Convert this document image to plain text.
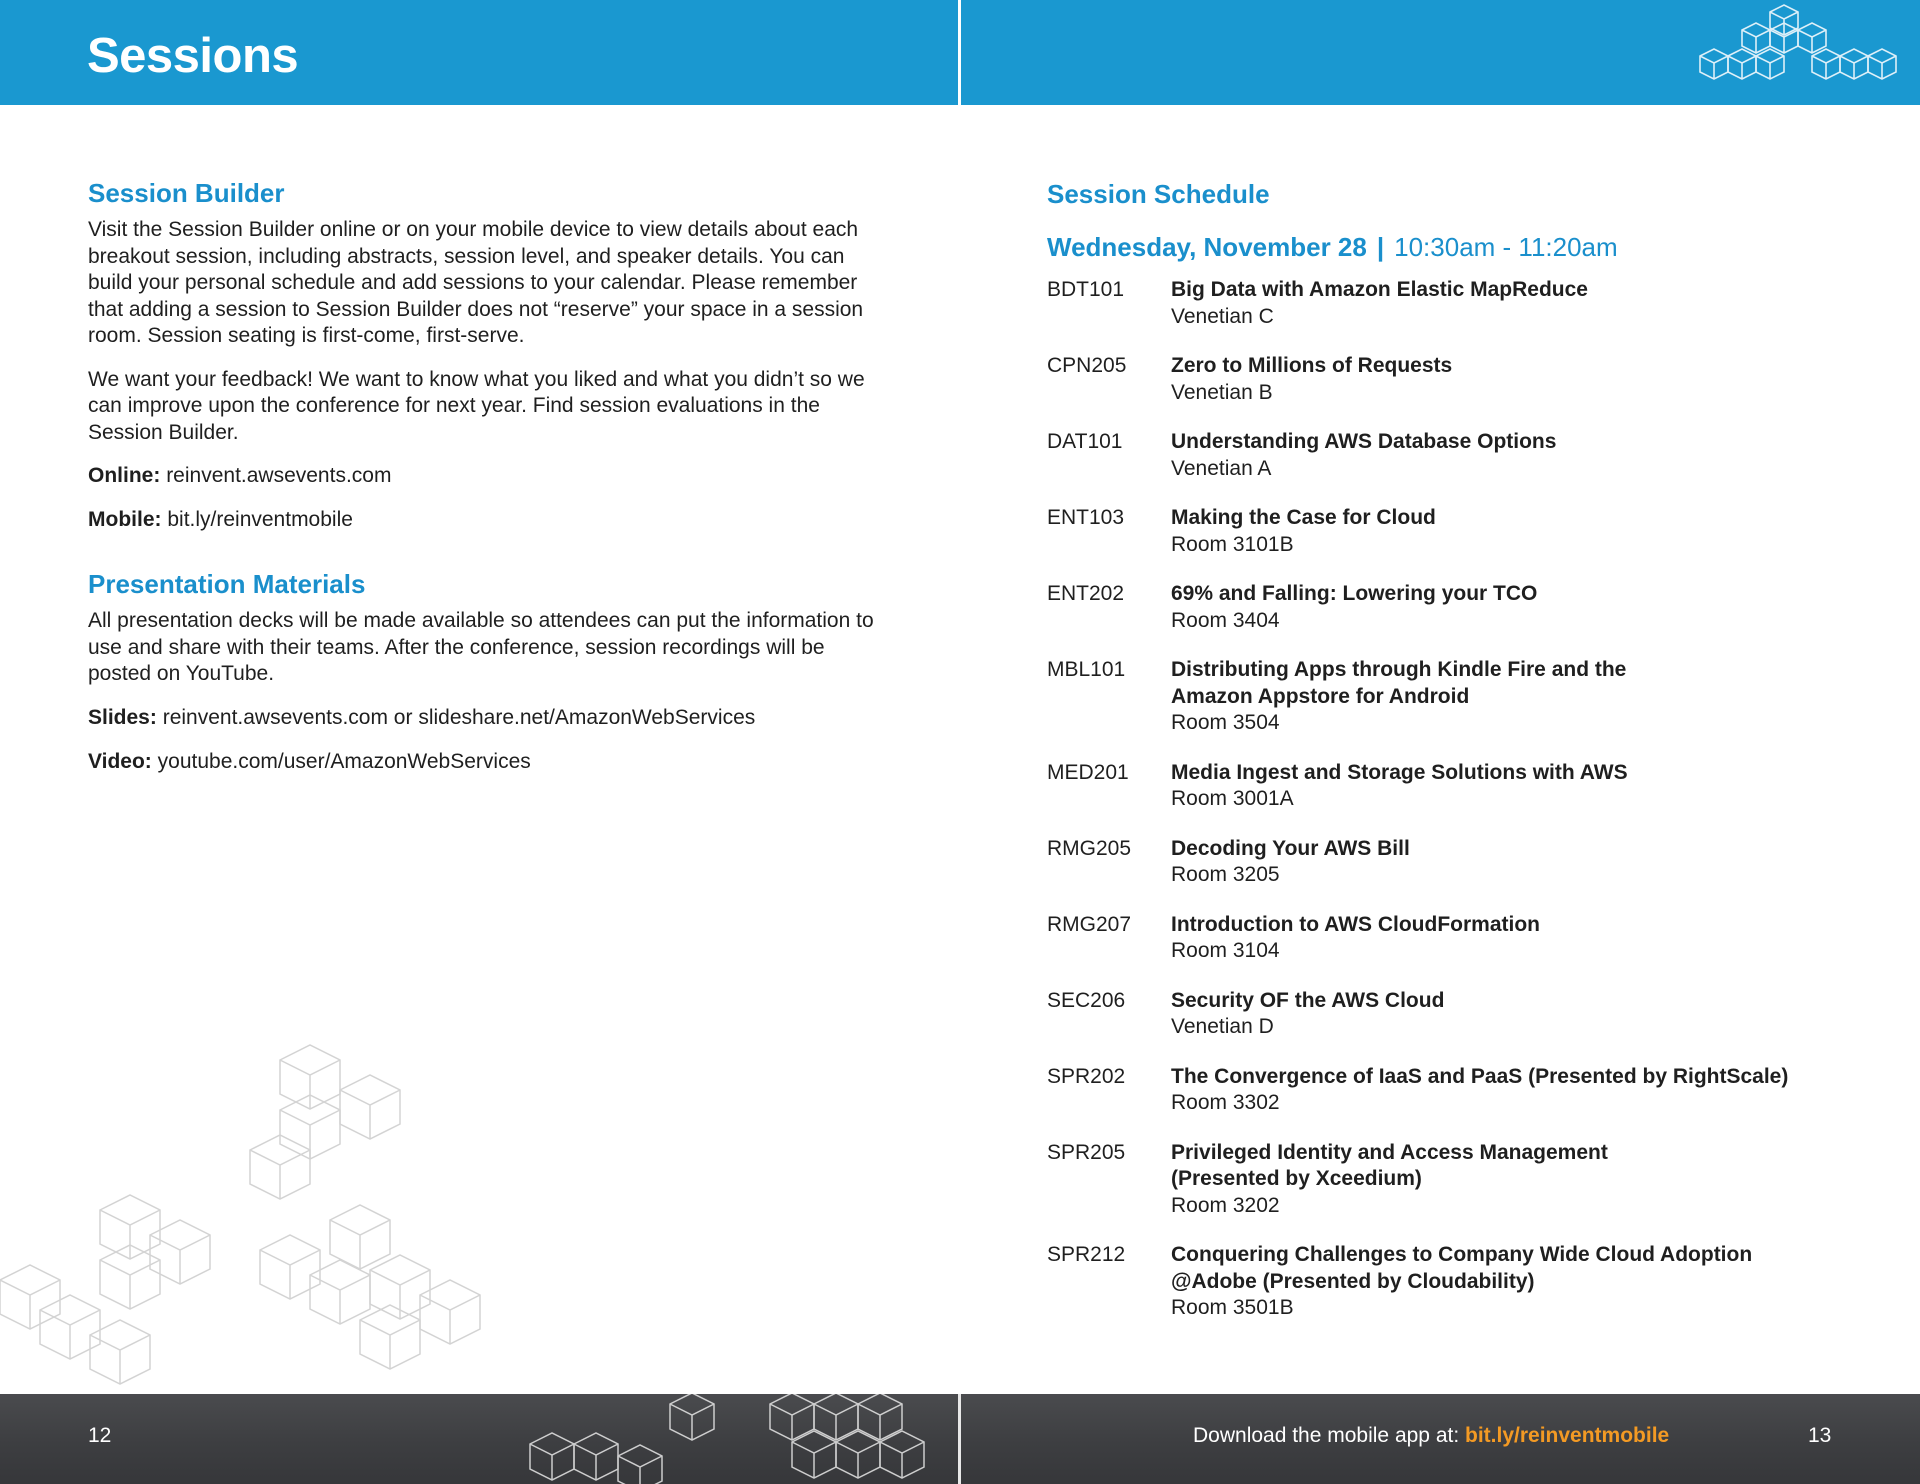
Sessions
Session Builder

Visit the Session Builder online or on your mobile device to view details about each breakout session, including abstracts, session level, and speaker details. You can build your personal schedule and add sessions to your calendar. Please remember that adding a session to Session Builder does not “reserve” your space in a session room. Session seating is first-come, first-serve.

We want your feedback! We want to know what you liked and what you didn’t so we can improve upon the conference for next year. Find session evaluations in the Session Builder.

Online: reinvent.awsevents.com
Mobile: bit.ly/reinventmobile
Presentation Materials

All presentation decks will be made available so attendees can put the information to use and share with their teams. After the conference, session recordings will be posted on YouTube.

Slides: reinvent.awsevents.com or slideshare.net/AmazonWebServices
Video: youtube.com/user/AmazonWebServices
Session Schedule
Wednesday, November 28 | 10:30am - 11:20am
BDT101	Big Data with Amazon Elastic MapReduce
Venetian C
CPN205	Zero to Millions of Requests
Venetian B
DAT101	Understanding AWS Database Options
Venetian A
ENT103	Making the Case for Cloud
Room 3101B
ENT202	69% and Falling: Lowering your TCO
Room 3404
MBL101	Distributing Apps through Kindle Fire and the
Amazon Appstore for Android
Room 3504
MED201	Media Ingest and Storage Solutions with AWS
Room 3001A
RMG205	Decoding Your AWS Bill
Room 3205
RMG207	Introduction to AWS CloudFormation
Room 3104
SEC206	Security OF the AWS Cloud
Venetian D
SPR202	The Convergence of IaaS and PaaS (Presented by RightScale)
Room 3302
SPR205	Privileged Identity and Access Management
(Presented by Xceedium)
Room 3202
SPR212	Conquering Challenges to Company Wide Cloud Adoption
@Adobe (Presented by Cloudability)
Room 3501B
12	Download the mobile app at: bit.ly/reinventmobile	13
